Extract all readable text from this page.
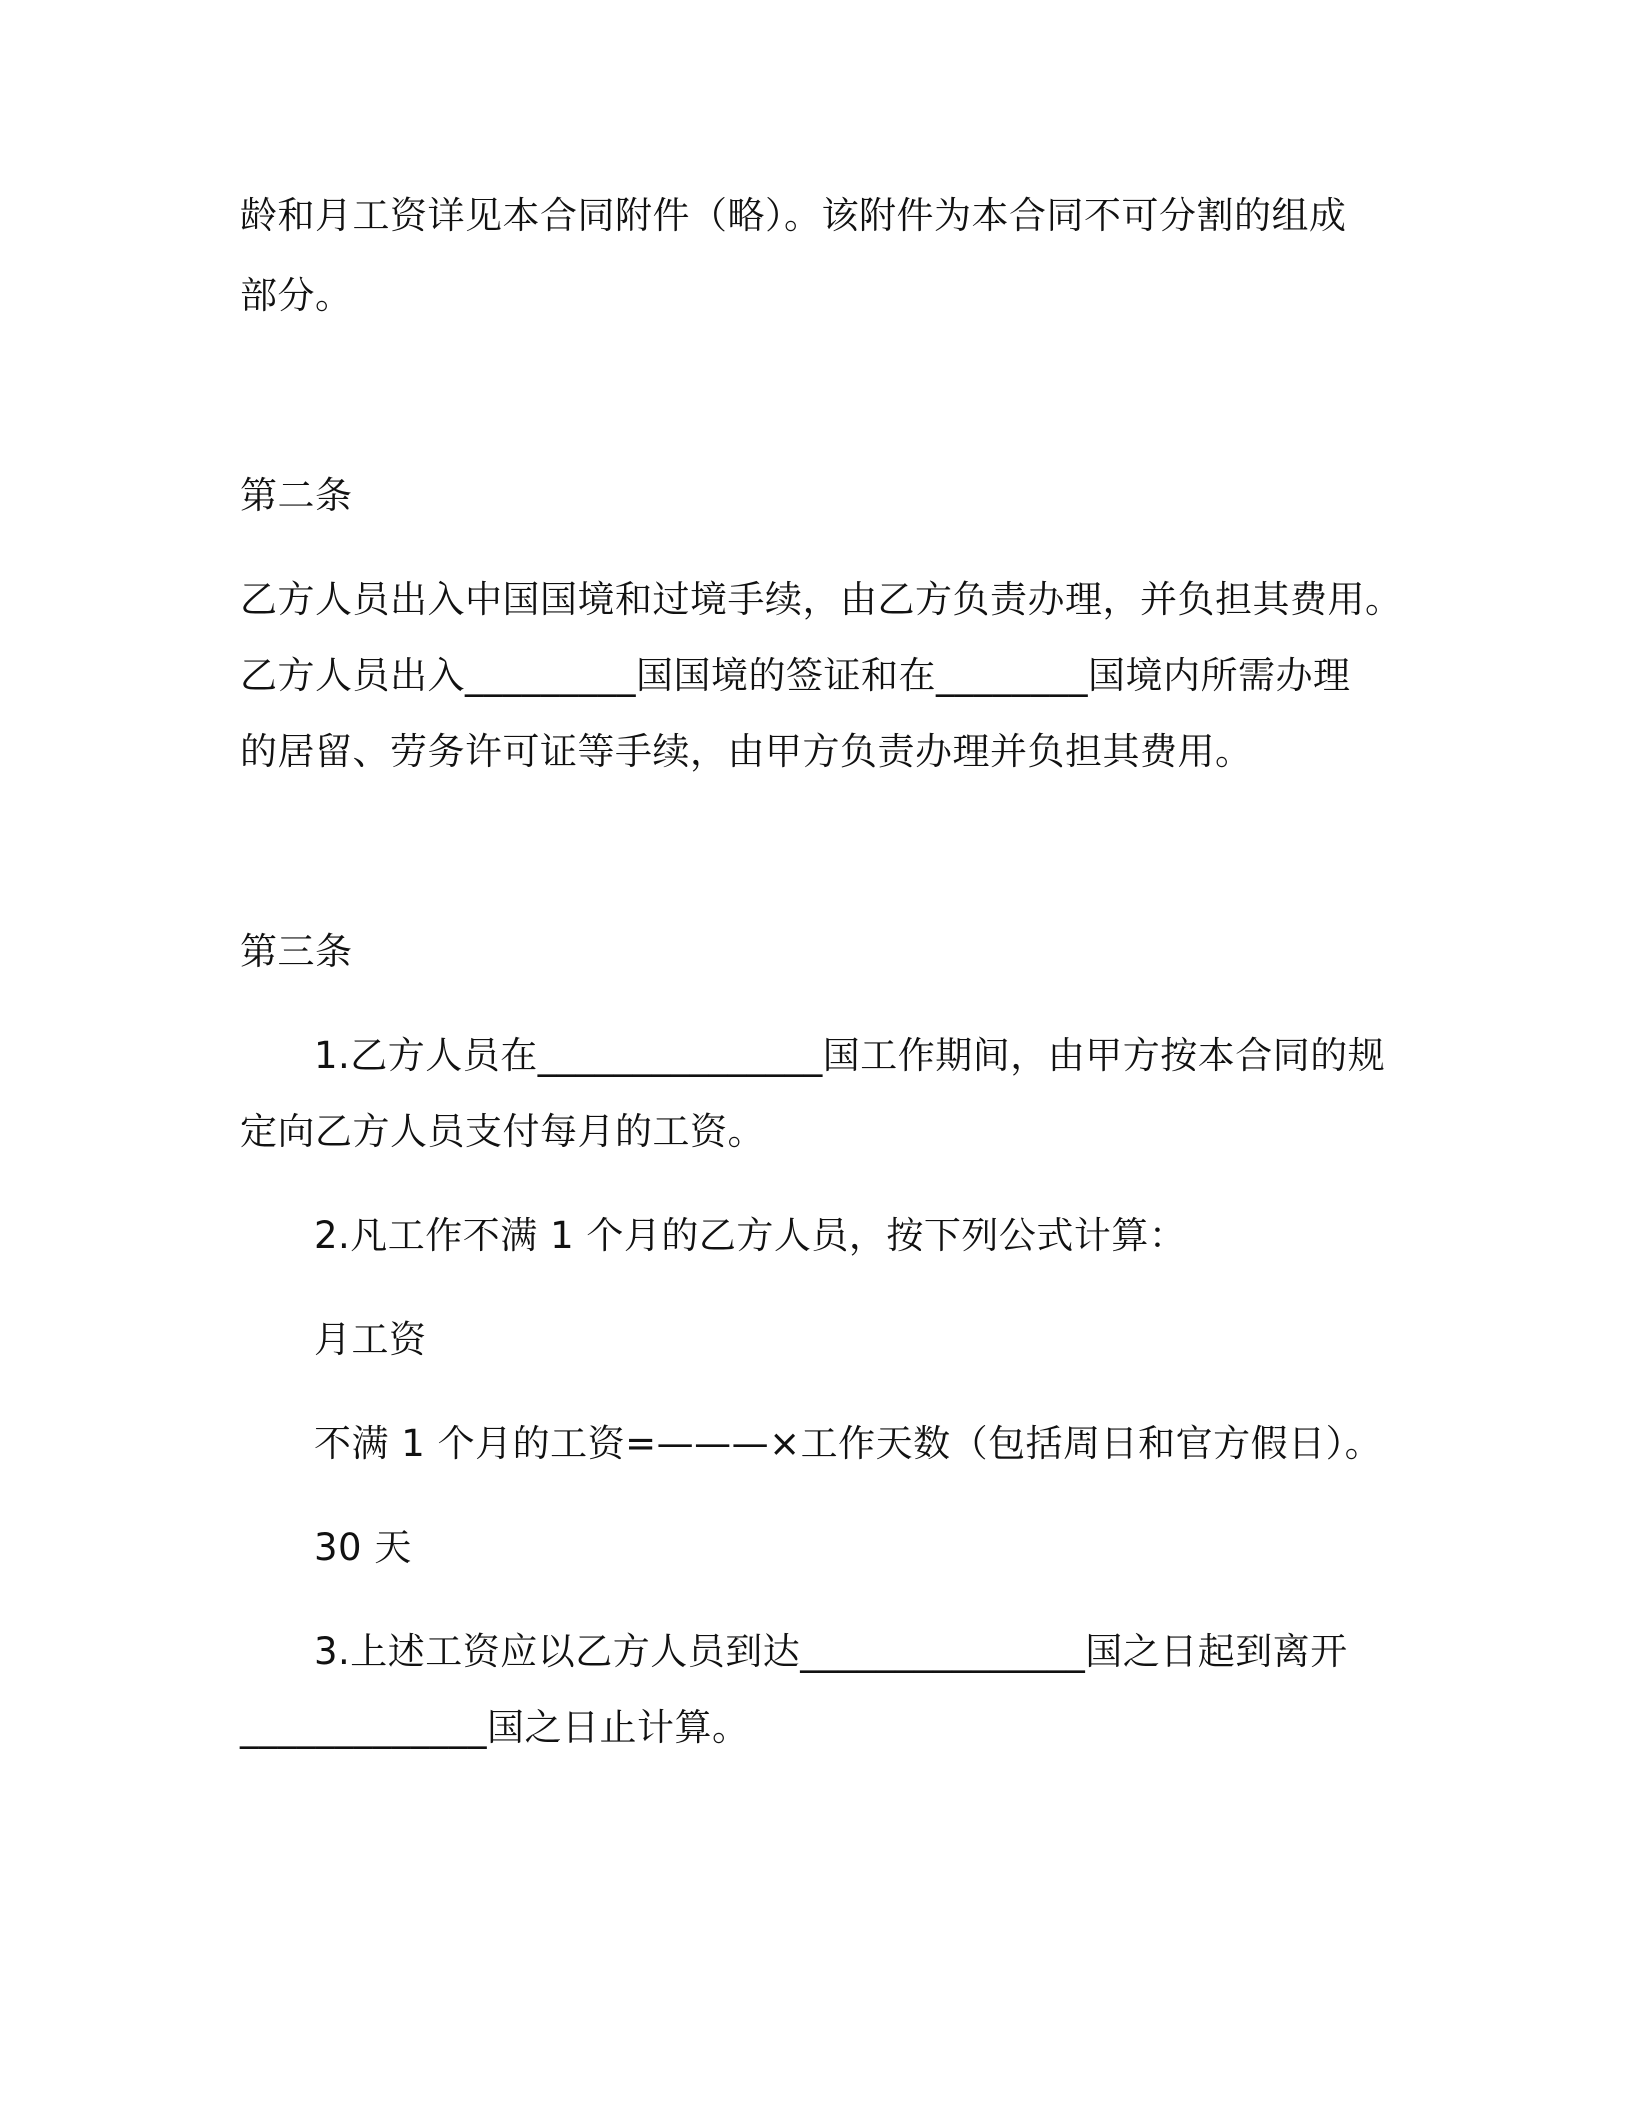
龄和月工资详见本合同附件（略）。该附件为本合同不可分割的组成
部分。
第二条
乙方人员出入中国国境和过境手续，由乙方负责办理，并负担其费用。
乙方人员出入_________国国境的签证和在________国境内所需办理
的居留、劳务许可证等手续，由甲方负责办理并负担其费用。
第三条
1.乙方人员在_______________国工作期间，由甲方按本合同的规
定向乙方人员支付每月的工资。
2.凡工作不满 1 个月的乙方人员，按下列公式计算：
月工资
不满 1 个月的工资=———×工作天数（包括周日和官方假日）。
30 天
3.上述工资应以乙方人员到达_______________国之日起到离开
_____________国之日止计算。
